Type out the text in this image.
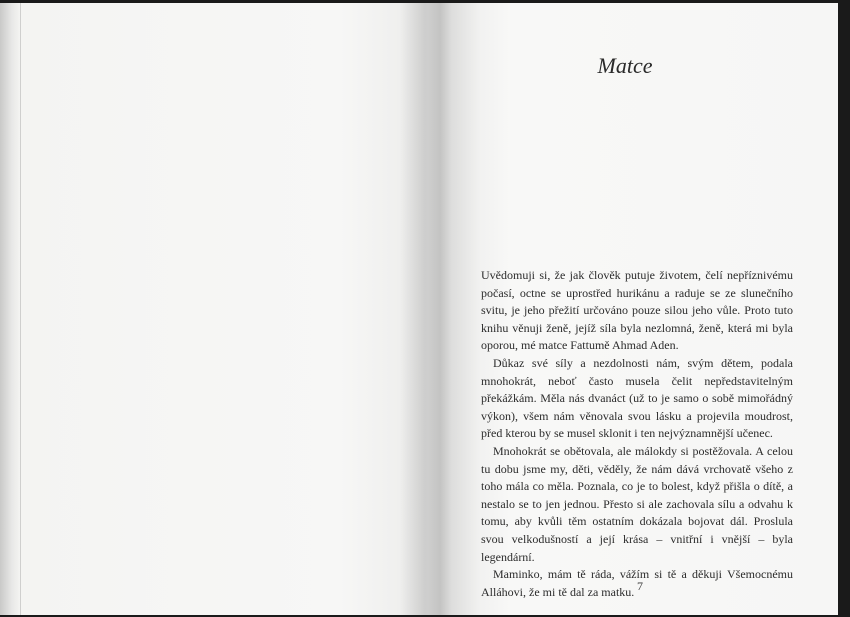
Matce

Uvědomuji si, že jak člověk putuje životem, čelí nepříznivému počasí, octne se uprostřed hurikánu a raduje se ze slunečního svitu, je jeho přežití určováno pouze silou jeho vůle. Proto tuto knihu věnuji ženě, jejíž síla byla nezlomná, ženě, která mi byla oporou, mé matce Fattumě Ahmad Aden.

Důkaz své síly a nezdolnosti nám, svým dětem, podala mnohokrát, neboť často musela čelit nepředstavitelným překážkám. Měla nás dvanáct (už to je samo o sobě mimořádný výkon), všem nám věnovala svou lásku a projevila moudrost, před kterou by se musel sklonit i ten nejvýznamnější učenec.

Mnohokrát se obětovala, ale málokdy si postěžovala. A celou tu dobu jsme my, děti, věděly, že nám dává vrchovatě všeho z toho mála co měla. Poznala, co je to bolest, když přišla o dítě, a nestalo se to jen jednou. Přesto si ale zachovala sílu a odvahu k tomu, aby kvůli těm ostatním dokázala bojovat dál. Proslula svou velkodušností a její krása – vnitřní i vnější – byla legendární.

Maminko, mám tě ráda, vážím si tě a děkuji Všemocnému Alláhovi, že mi tě dal za matku. 7
